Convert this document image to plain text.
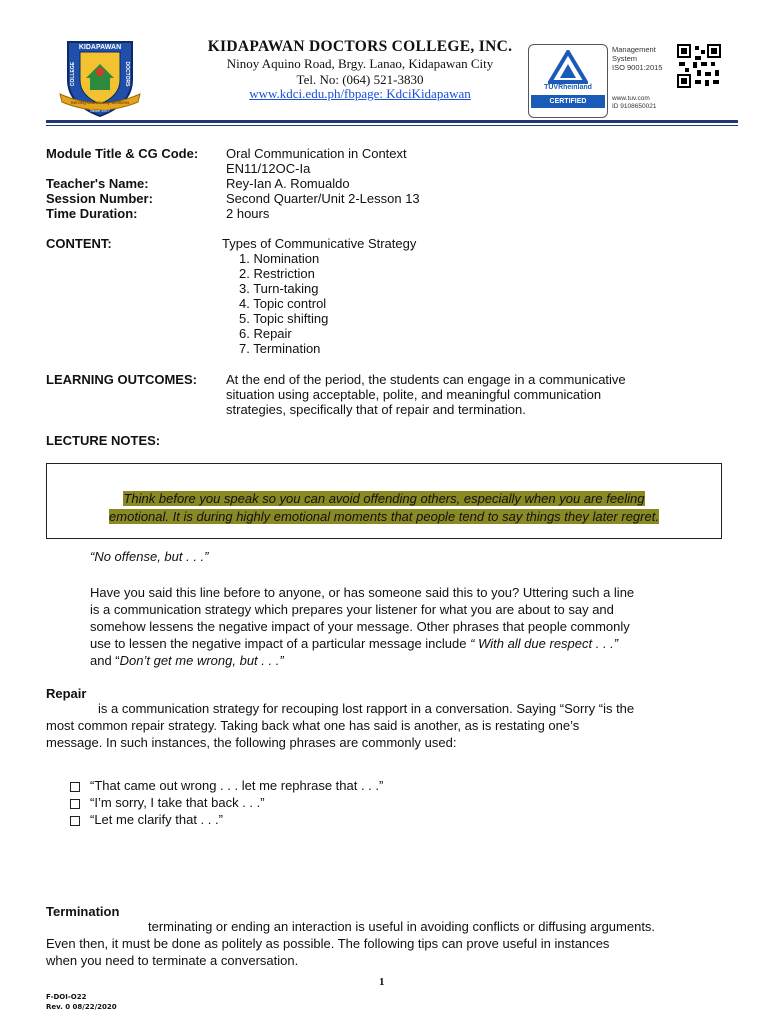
KIDAPAWAN
COLLEGE	DOCTORS
Serving Community Wellness
Since 1977
KIDAPAWAN DOCTORS COLLEGE, INC.
Ninoy Aquino Road, Brgy. Lanao, Kidapawan City
Tel. No: (064) 521-3830
www.kdci.edu.ph/fbpage: KdciKidapawan	TÜVRheinland
CERTIFIED
Management
System
ISO 9001:2015
www.tuv.com
ID 9108650021
Module Title & CG Code: Oral Communication in Context
EN11/12OC-Ia
Teacher's Name:	Rey-Ian A. Romualdo
Session Number:	Second Quarter/Unit 2-Lesson 13
Time Duration:	2 hours
CONTENT:	Types of Communicative Strategy
1. Nomination
2. Restriction
3. Turn-taking
4. Topic control
5. Topic shifting
6. Repair
7. Termination
LEARNING OUTCOMES: At the end of the period, the students can engage in a communicative
situation using acceptable, polite, and meaningful communication
strategies, specifically that of repair and termination.
LECTURE NOTES:
Think before you speak so you can avoid offending others, especially when you are feeling
emotional. It is during highly emotional moments that people tend to say things they later regret.
“No offense, but . . .”
Have you said this line before to anyone, or has someone said this to you? Uttering such a line
is a communication strategy which prepares your listener for what you are about to say and
somehow lessens the negative impact of your message. Other phrases that people commonly
use to lessen the negative impact of a particular message include “ With all due respect . . .”
and “Don’t get me wrong, but . . .”
Repair
is a communication strategy for recouping lost rapport in a conversation. Saying “Sorry “is the
most common repair strategy. Taking back what one has said is another, as is restating one’s
message. In such instances, the following phrases are commonly used:
“That came out wrong . . . let me rephrase that . . .”
“I’m sorry, I take that back . . .”
“Let me clarify that . . .”
Termination
terminating or ending an interaction is useful in avoiding conflicts or diffusing arguments.
Even then, it must be done as politely as possible. The following tips can prove useful in instances
when you need to terminate a conversation.
1
F-DOI-O22
Rev. 0 08/22/2020
